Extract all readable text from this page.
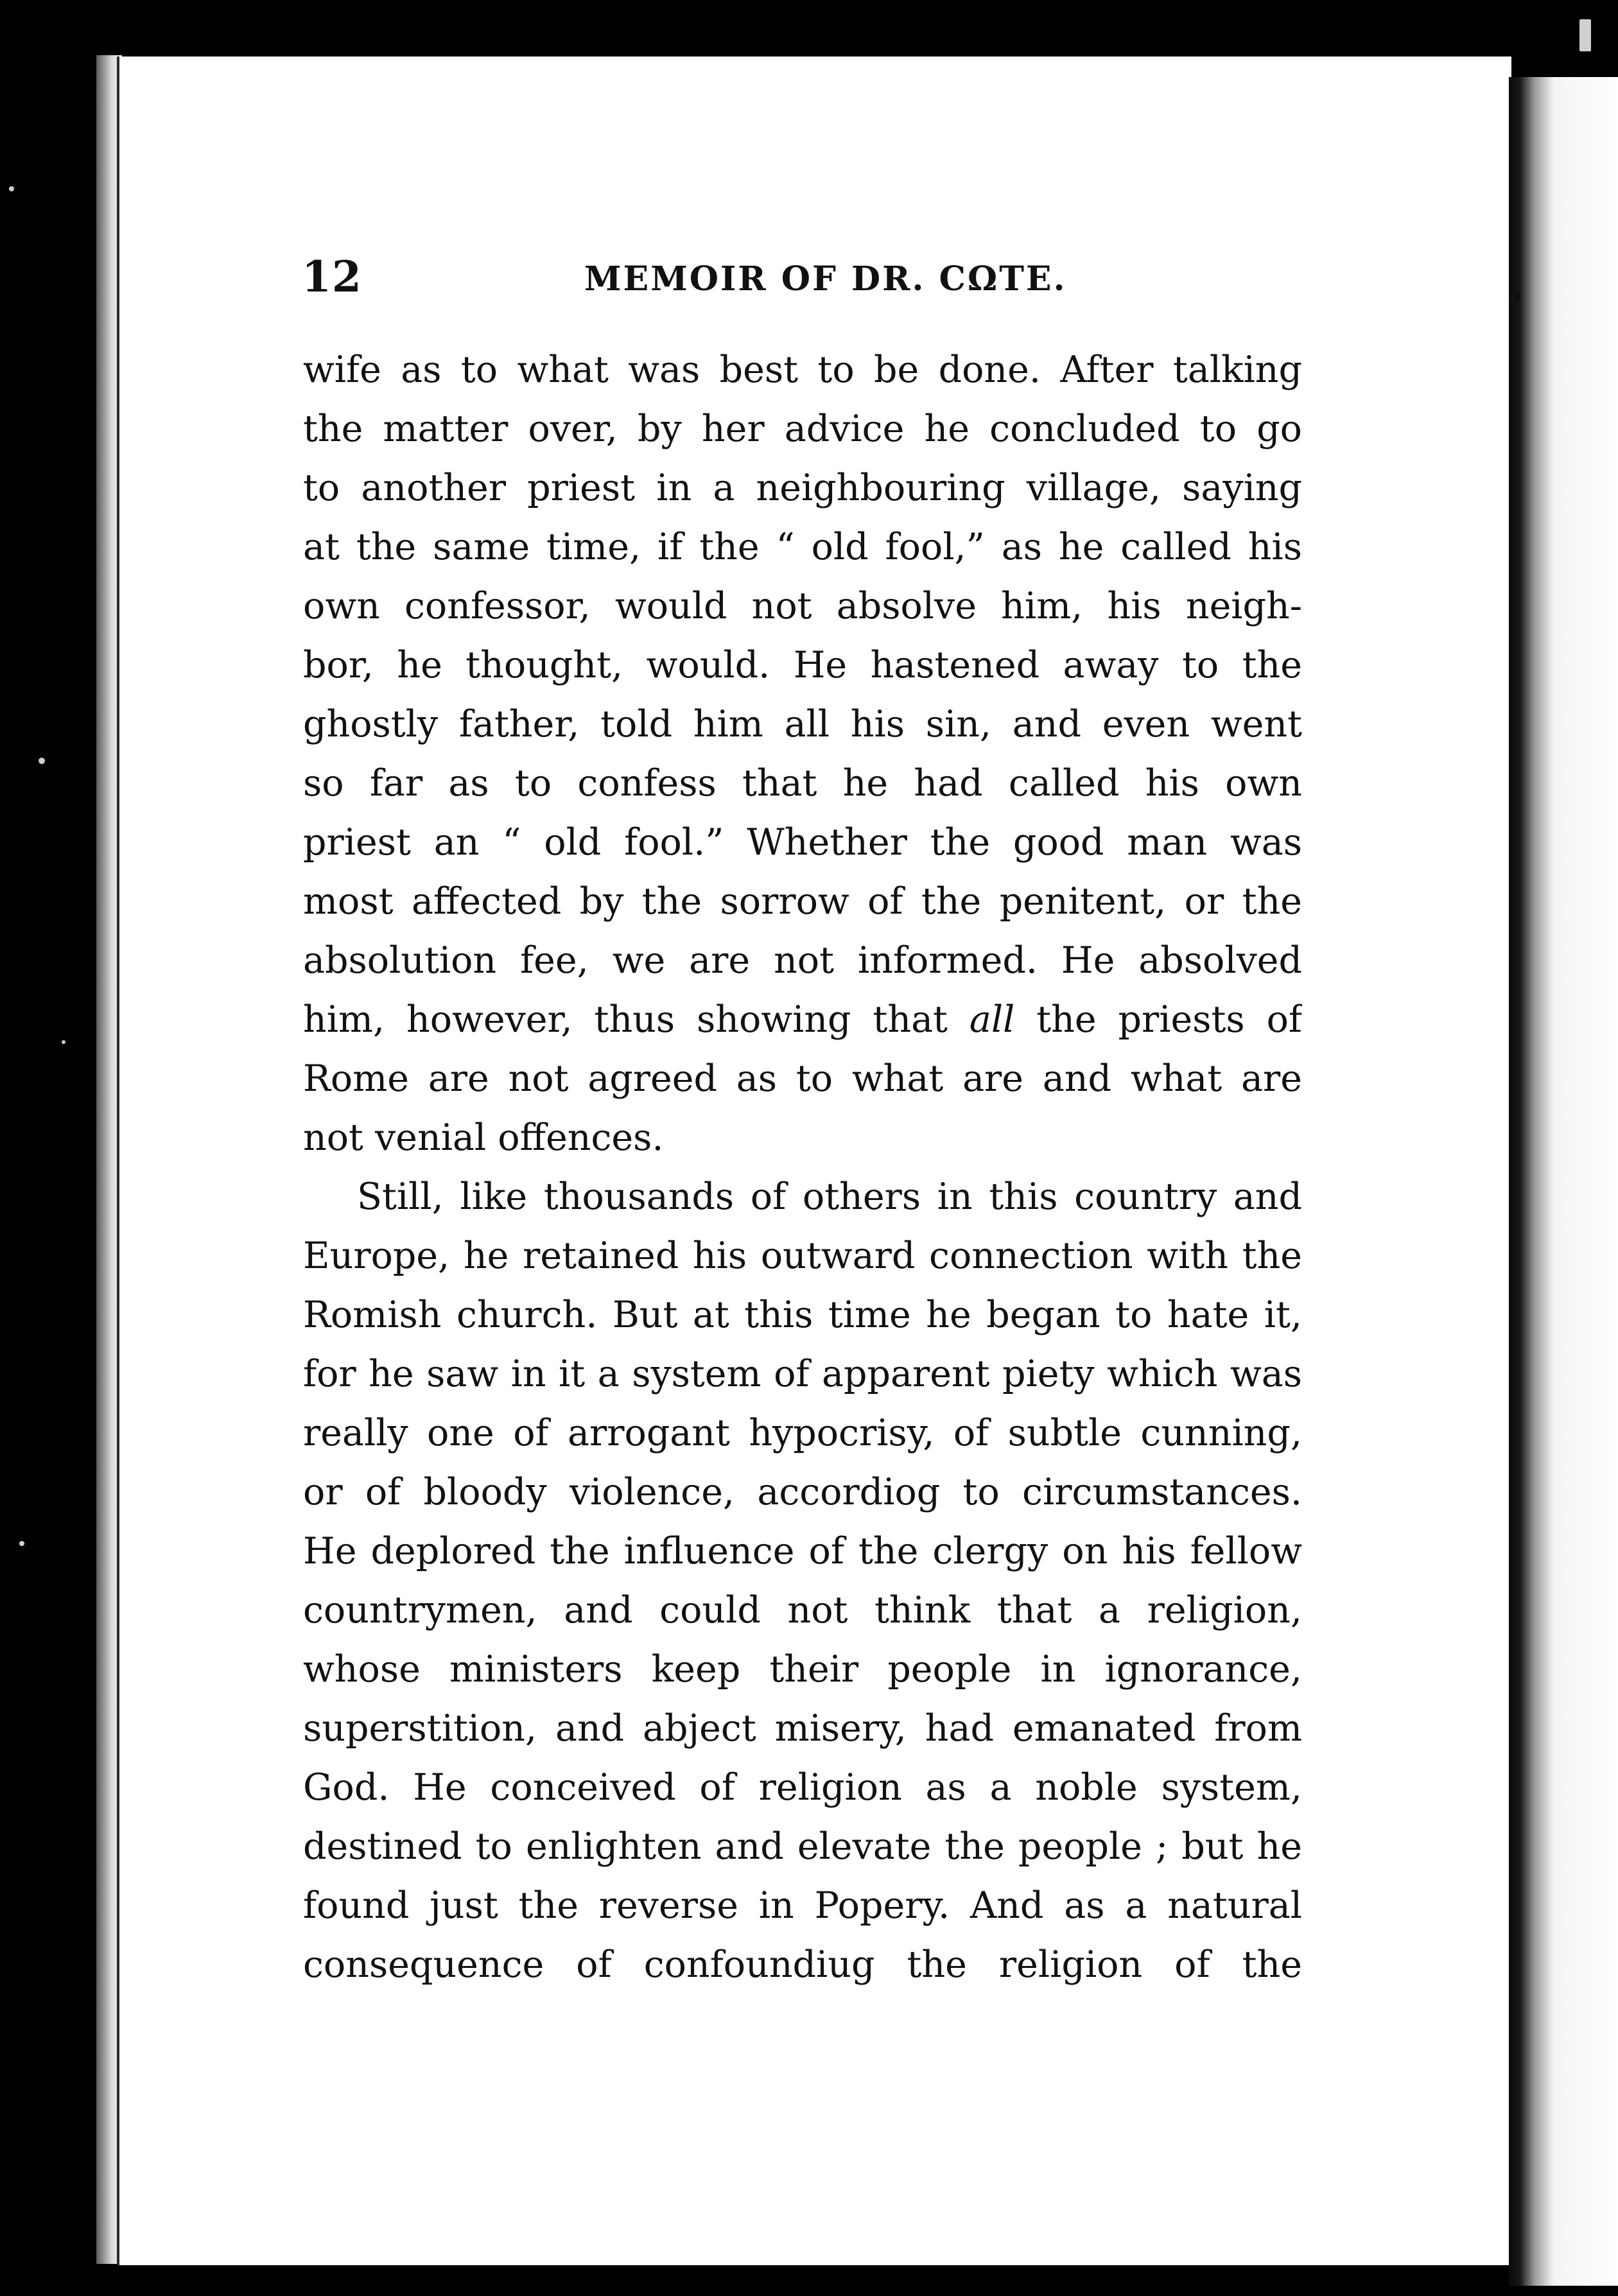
12	MEMOIR OF DR. CΩTE.
wife as to what was best to be done. After talking
the matter over, by her advice he concluded to go
to another priest in a neighbouring village, saying
at the same time, if the “ old fool,” as he called his
own confessor, would not absolve him, his neigh-
bor, he thought, would. He hastened away to the
ghostly father, told him all his sin, and even went
so far as to confess that he had called his own
priest an “ old fool.” Whether the good man was
most affected by the sorrow of the penitent, or the
absolution fee, we are not informed. He absolved
him, however, thus showing that all the priests of
Rome are not agreed as to what are and what are
not venial offences.
Still, like thousands of others in this country and
Europe, he retained his outward connection with the
Romish church. But at this time he began to hate it,
for he saw in it a system of apparent piety which was
really one of arrogant hypocrisy, of subtle cunning,
or of bloody violence, accordiog to circumstances.
He deplored the influence of the clergy on his fellow
countrymen, and could not think that a religion,
whose ministers keep their people in ignorance,
superstition, and abject misery, had emanated from
God. He conceived of religion as a noble system,
destined to enlighten and elevate the people ; but he
found just the reverse in Popery. And as a natural
consequence of confoundiug the religion of the
